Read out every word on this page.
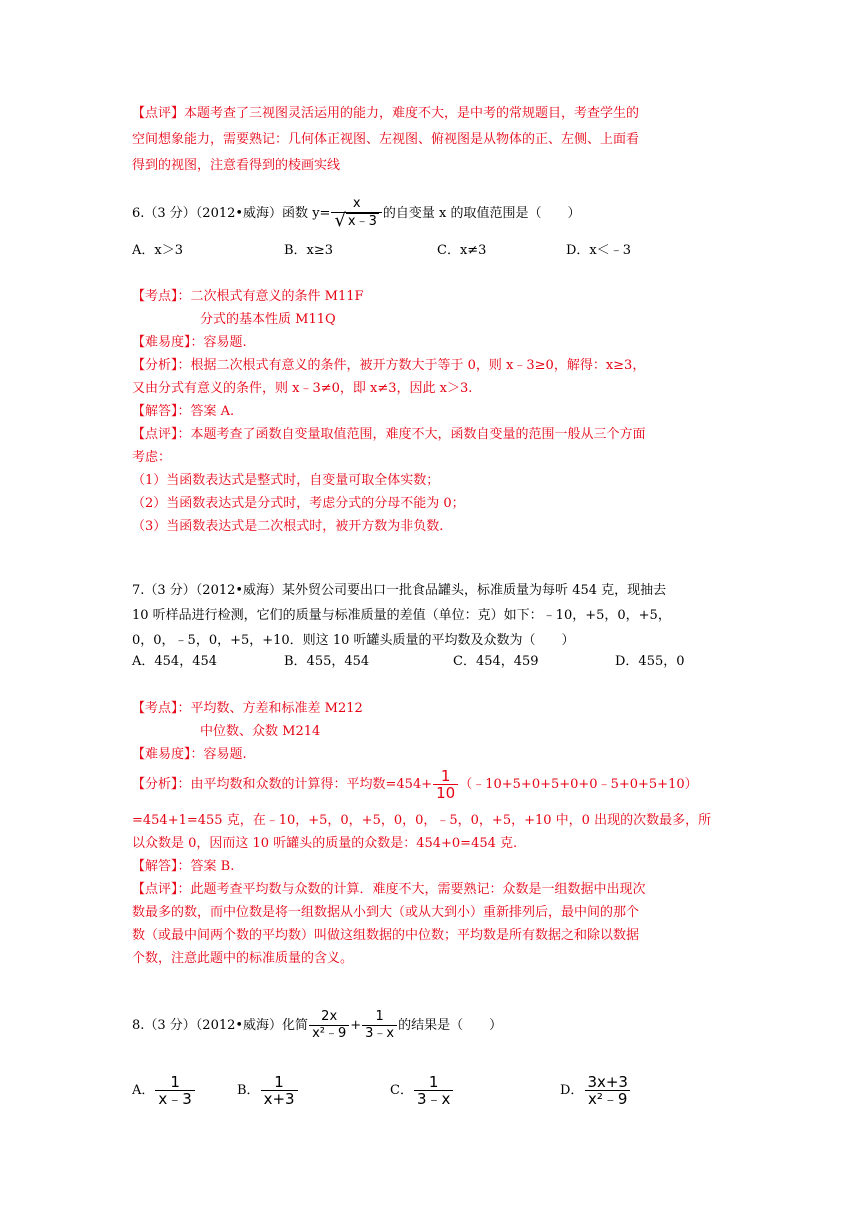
【点评】本题考查了三视图灵活运用的能力，难度不大，是中考的常规题目，考查学生的
空间想象能力，需要熟记：几何体正视图、左视图、俯视图是从物体的正、左侧、上面看
得到的视图，注意看得到的棱画实线
6.（3 分）（2012•威海）函数 $y= \frac{x}{√ x﹣3}$ 的自变量 x 的取值范围是（　　）
A．x＞3	B．x≥3	C．x≠3	D．x＜﹣3
【考点】：二次根式有意义的条件 M11F
分式的基本性质 M11Q
【难易度】：容易题.
【分析】：根据二次根式有意义的条件，被开方数大于等于 0，则 x﹣3≥0，解得：x≥3，
又由分式有意义的条件，则 x﹣3≠0，即 x≠3，因此 x＞3.
【解答】：答案 A.
【点评】：本题考查了函数自变量取值范围，难度不大，函数自变量的范围一般从三个方面
考虑：
（1）当函数表达式是整式时，自变量可取全体实数；
（2）当函数表达式是分式时，考虑分式的分母不能为 0；
（3）当函数表达式是二次根式时，被开方数为非负数.
7.（3 分）（2012•威海）某外贸公司要出口一批食品罐头，标准质量为每听 454 克，现抽去
10 听样品进行检测，它们的质量与标准质量的差值（单位：克）如下：﹣10，+5，0，+5，
0，0，﹣5，0，+5，+10．则这 10 听罐头质量的平均数及众数为（　　）
A．454，454	B．455，454	C．454，459	D．455，0
【考点】：平均数、方差和标准差 M212
中位数、众数 M214
【难易度】：容易题.
【分析】：由平均数和众数的计算得：平均数$=454+ \frac{1}{10}$ （﹣10+5+0+5+0+0﹣5+0+5+10）
=454+1=455 克，在﹣10，+5，0，+5，0，0，﹣5，0，+5，+10 中，0 出现的次数最多，所
以众数是 0，因而这 10 听罐头的质量的众数是：454+0=454 克.
【解答】：答案 B.
【点评】：此题考查平均数与众数的计算．难度不大，需要熟记：众数是一组数据中出现次
数最多的数，而中位数是将一组数据从小到大（或从大到小）重新排列后，最中间的那个
数（或最中间两个数的平均数）叫做这组数据的中位数；平均数是所有数据之和除以数据
个数，注意此题中的标准质量的含义。
8.（3 分）（2012•威海）化简 $\frac{2x}{\text{x²﹣9}} + \frac{1}{3﹣x}$ 的结果是（　　）
A． $\frac{1}{x﹣3}$	B． $\frac{1}{x+3}$	C． $\frac{1}{3﹣x}$	D． $\frac{3x+3}{\text{x²﹣9}}$
